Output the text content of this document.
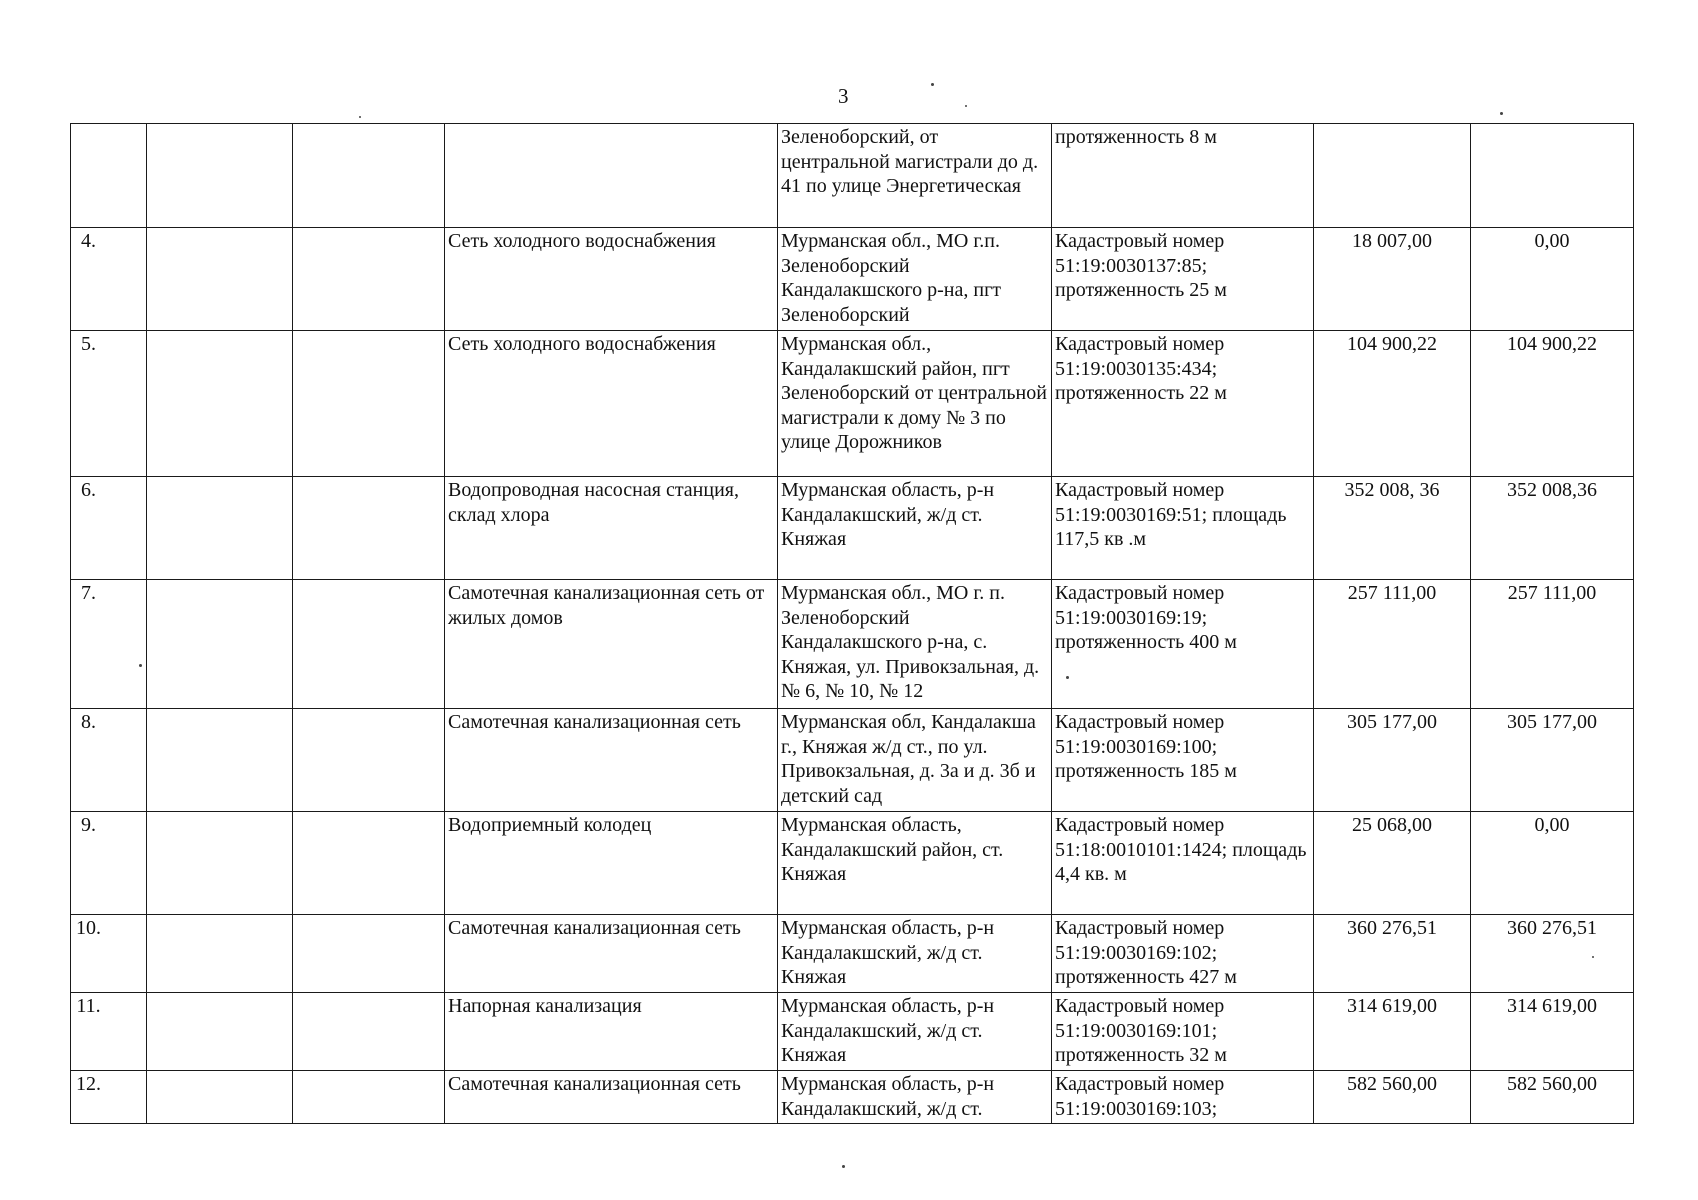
3
				Зеленоборский, от центральной магистрали до д. 41 по улице Энергетическая	протяженность 8 м		
4.			Сеть холодного водоснабжения	Мурманская обл., МО г.п. Зеленоборский Кандалакшского р-на, пгт Зеленоборский	Кадастровый номер 51:19:0030137:85; протяженность 25 м	18 007,00	0,00
5.			Сеть холодного водоснабжения	Мурманская обл., Кандалакшский район, пгт Зеленоборский от центральной магистрали к дому № 3 по улице Дорожников	Кадастровый номер 51:19:0030135:434; протяженность 22 м	104 900,22	104 900,22
6.			Водопроводная насосная станция, склад хлора	Мурманская область, р-н Кандалакшский, ж/д ст. Княжая	Кадастровый номер 51:19:0030169:51; площадь 117,5 кв .м	352 008, 36	352 008,36
7.			Самотечная канализационная сеть от жилых домов	Мурманская обл., МО г. п. Зеленоборский Кандалакшского р-на, с. Княжая, ул. Привокзальная, д. № 6, № 10, № 12	Кадастровый номер 51:19:0030169:19; протяженность 400 м	257 111,00	257 111,00
8.			Самотечная канализационная сеть	Мурманская обл, Кандалакша г., Княжая ж/д ст., по ул. Привокзальная, д. 3а и д. 3б и детский сад	Кадастровый номер 51:19:0030169:100; протяженность 185 м	305 177,00	305 177,00
9.			Водоприемный колодец	Мурманская область, Кандалакшский район, ст. Княжая	Кадастровый номер 51:18:0010101:1424; площадь 4,4 кв. м	25 068,00	0,00
10.			Самотечная канализационная сеть	Мурманская область, р-н Кандалакшский, ж/д ст. Княжая	Кадастровый номер 51:19:0030169:102; протяженность 427 м	360 276,51	360 276,51
11.			Напорная канализация	Мурманская область, р-н Кандалакшский, ж/д ст. Княжая	Кадастровый номер 51:19:0030169:101; протяженность 32 м	314 619,00	314 619,00
12.			Самотечная канализационная сеть	Мурманская область, р-н Кандалакшский, ж/д ст.	Кадастровый номер 51:19:0030169:103;	582 560,00	582 560,00
